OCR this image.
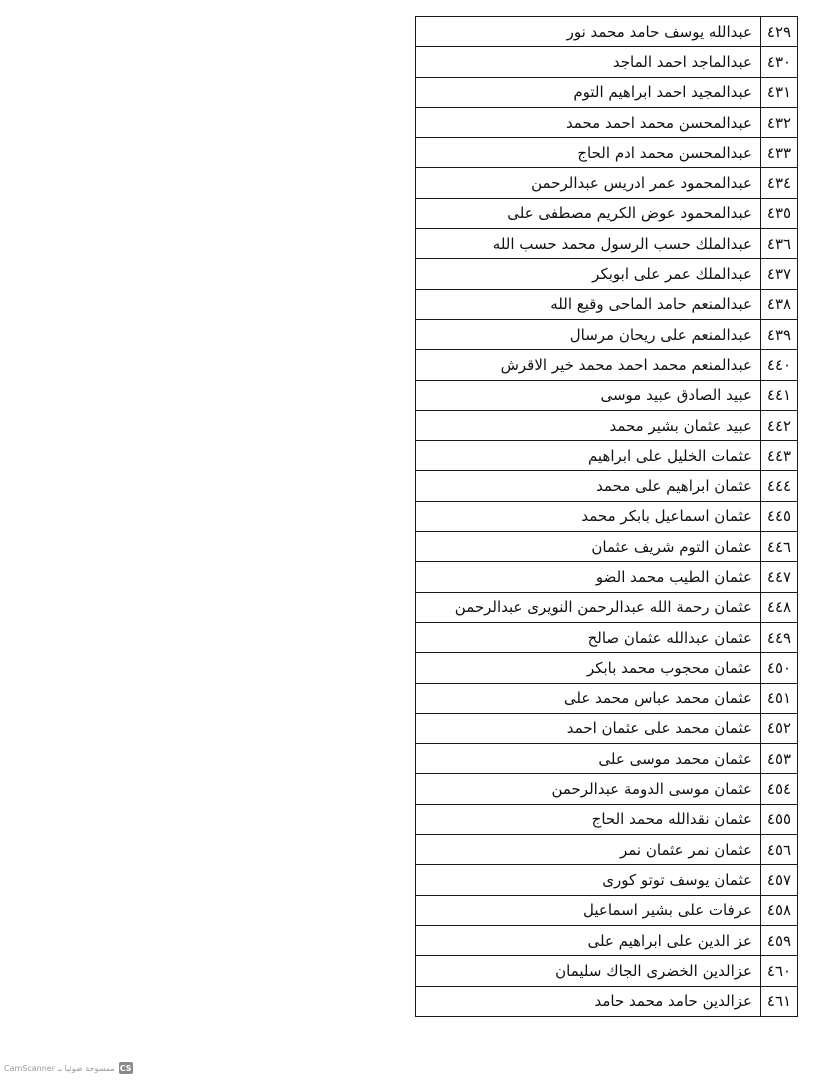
٤٢٩	عبدالله يوسف حامد محمد نور
٤٣٠	عبدالماجد احمد الماجد
٤٣١	عبدالمجيد احمد ابراهيم التوم
٤٣٢	عبدالمحسن محمد احمد محمد
٤٣٣	عبدالمحسن محمد ادم الحاج
٤٣٤	عبدالمحمود عمر ادريس عبدالرحمن
٤٣٥	عبدالمحمود عوض الكريم مصطفى على
٤٣٦	عبدالملك حسب الرسول محمد حسب الله
٤٣٧	عبدالملك عمر على ابوبكر
٤٣٨	عبدالمنعم حامد الماحى وقيع الله
٤٣٩	عبدالمنعم على ريحان مرسال
٤٤٠	عبدالمنعم محمد احمد محمد خير الاقرش
٤٤١	عبيد الصادق عبيد موسى
٤٤٢	عبيد عثمان بشير محمد
٤٤٣	عثمات الخليل على ابراهيم
٤٤٤	عثمان ابراهيم على محمد
٤٤٥	عثمان اسماعيل بابكر محمد
٤٤٦	عثمان التوم شريف عثمان
٤٤٧	عثمان الطيب محمد الضو
٤٤٨	عثمان رحمة الله عبدالرحمن النويرى عبدالرحمن
٤٤٩	عثمان عبدالله عثمان صالح
٤٥٠	عثمان محجوب محمد بابكر
٤٥١	عثمان محمد عباس محمد على
٤٥٢	عثمان محمد على عثمان احمد
٤٥٣	عثمان محمد موسى على
٤٥٤	عثمان موسى الدومة عبدالرحمن
٤٥٥	عثمان نقدالله محمد الحاج
٤٥٦	عثمان نمر عثمان نمر
٤٥٧	عثمان يوسف توتو كورى
٤٥٨	عرفات على بشير اسماعيل
٤٥٩	عز الدين على ابراهيم على
٤٦٠	عزالدين الخضرى الجاك سليمان
٤٦١	عزالدين حامد محمد حامد
CamScanner ممسوحة ضوئيا بـ CS
